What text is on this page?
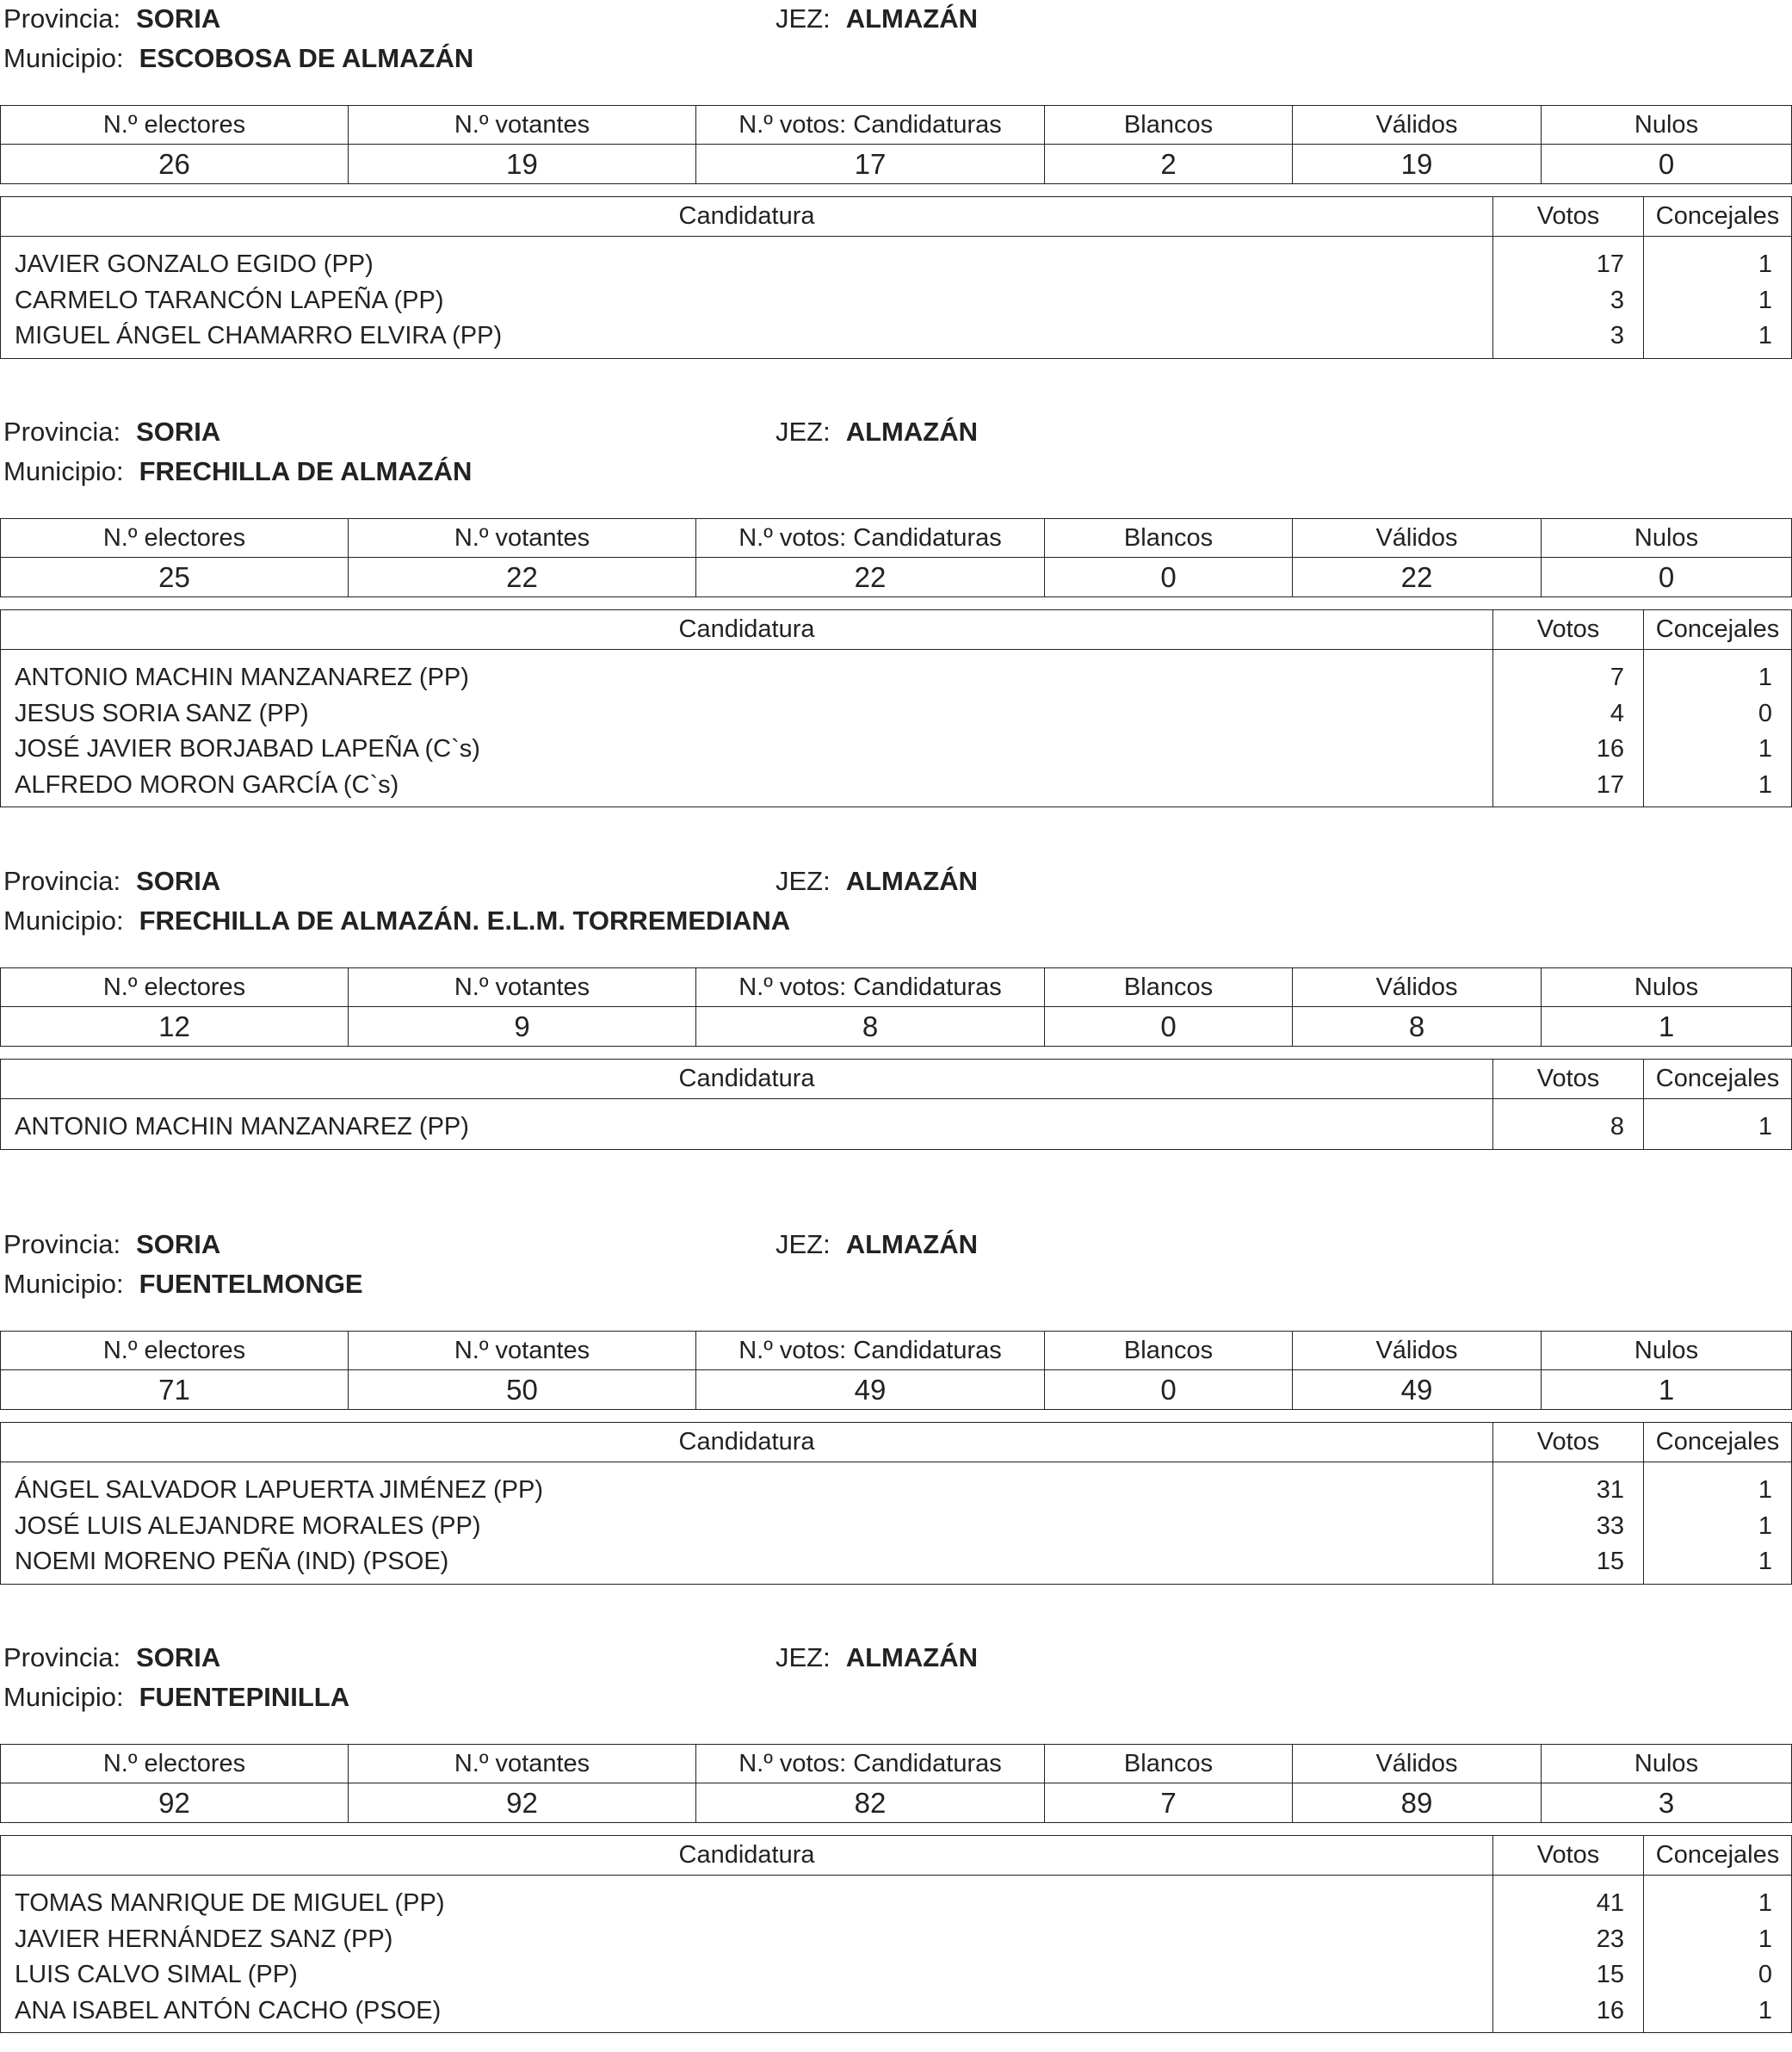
Provincia: SORIA	JEZ: ALMAZÁN
Municipio: ESCOBOSA DE ALMAZÁN
N.º electores	N.º votantes	N.º votos: Candidaturas	Blancos	Válidos	Nulos
26	19	17	2	19	0
Candidatura	Votos	Concejales

JAVIER GONZALO EGIDO (PP)	17	1
CARMELO TARANCÓN LAPEÑA (PP)	3	1
MIGUEL ÁNGEL CHAMARRO ELVIRA (PP)	3	1
Provincia: SORIA	JEZ: ALMAZÁN
Municipio: FRECHILLA DE ALMAZÁN
N.º electores	N.º votantes	N.º votos: Candidaturas	Blancos	Válidos	Nulos
25	22	22	0	22	0
Candidatura	Votos	Concejales

ANTONIO MACHIN MANZANAREZ (PP)	7	1
JESUS SORIA SANZ (PP)	4	0
JOSÉ JAVIER BORJABAD LAPEÑA (C`s)	16	1
ALFREDO MORON GARCÍA (C`s)	17	1
Provincia: SORIA	JEZ: ALMAZÁN
Municipio: FRECHILLA DE ALMAZÁN. E.L.M. TORREMEDIANA
N.º electores	N.º votantes	N.º votos: Candidaturas	Blancos	Válidos	Nulos
12	9	8	0	8	1
Candidatura	Votos	Concejales

ANTONIO MACHIN MANZANAREZ (PP)	8	1
Provincia: SORIA	JEZ: ALMAZÁN
Municipio: FUENTELMONGE
N.º electores	N.º votantes	N.º votos: Candidaturas	Blancos	Válidos	Nulos
71	50	49	0	49	1
Candidatura	Votos	Concejales

ÁNGEL SALVADOR LAPUERTA JIMÉNEZ (PP)	31	1
JOSÉ LUIS ALEJANDRE MORALES (PP)	33	1
NOEMI MORENO PEÑA (IND) (PSOE)	15	1
Provincia: SORIA	JEZ: ALMAZÁN
Municipio: FUENTEPINILLA
N.º electores	N.º votantes	N.º votos: Candidaturas	Blancos	Válidos	Nulos
92	92	82	7	89	3
Candidatura	Votos	Concejales

TOMAS MANRIQUE DE MIGUEL (PP)	41	1
JAVIER HERNÁNDEZ SANZ (PP)	23	1
LUIS CALVO SIMAL (PP)	15	0
ANA ISABEL ANTÓN CACHO (PSOE)	16	1
